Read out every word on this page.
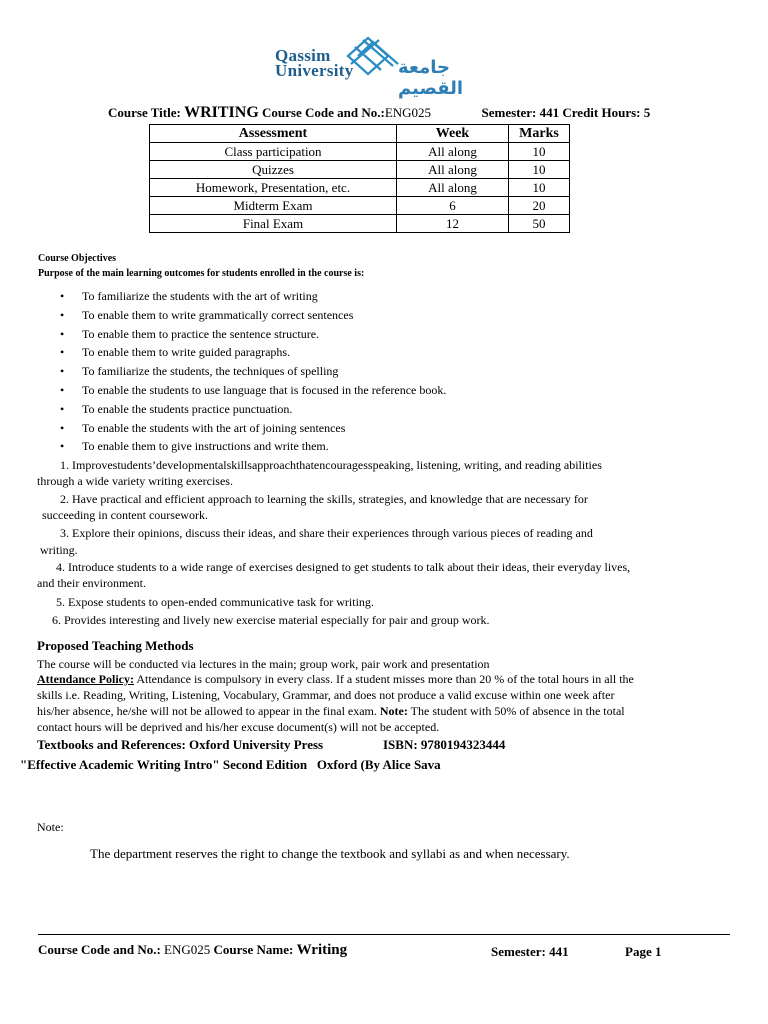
Qassim
University جامعة القصيم
Course Title: WRITING Course Code and No.:ENG025	Semester: 441 Credit Hours: 5
Assessment	Week	Marks
Class participation	All along	10
Quizzes	All along	10
Homework, Presentation, etc.	All along	10
Midterm Exam	6	20
Final Exam	12	50
Course Objectives
Purpose of the main learning outcomes for students enrolled in the course is:
• To familiarize the students with the art of writing
• To enable them to write grammatically correct sentences
• To enable them to practice the sentence structure.
• To enable them to write guided paragraphs.
• To familiarize the students, the techniques of spelling
• To enable the students to use language that is focused in the reference book.
• To enable the students practice punctuation.
• To enable the students with the art of joining sentences
• To enable them to give instructions and write them.
1. Improvestudents’developmentalskillsapproachthatencouragesspeaking, listening, writing, and reading abilities
through a wide variety writing exercises.
2. Have practical and efficient approach to learning the skills, strategies, and knowledge that are necessary for
succeeding in content coursework.
3. Explore their opinions, discuss their ideas, and share their experiences through various pieces of reading and
writing.
4. Introduce students to a wide range of exercises designed to get students to talk about their ideas, their everyday lives,
and their environment.
5. Expose students to open-ended communicative task for writing.
6. Provides interesting and lively new exercise material especially for pair and group work.
Proposed Teaching Methods
The course will be conducted via lectures in the main; group work, pair work and presentation
Attendance Policy: Attendance is compulsory in every class. If a student misses more than 20 % of the total hours in all the
skills i.e. Reading, Writing, Listening, Vocabulary, Grammar, and does not produce a valid excuse within one week after
his/her absence, he/she will not be allowed to appear in the final exam. Note: The student with 50% of absence in the total
contact hours will be deprived and his/her excuse document(s) will not be accepted.
Textbooks and References: Oxford University Press	ISBN: 9780194323444
"Effective Academic Writing Intro" Second Edition   Oxford (By Alice Sava
Note:
The department reserves the right to change the textbook and syllabi as and when necessary.
Course Code and No.: ENG025 Course Name: Writing	Semester: 441	Page 1
